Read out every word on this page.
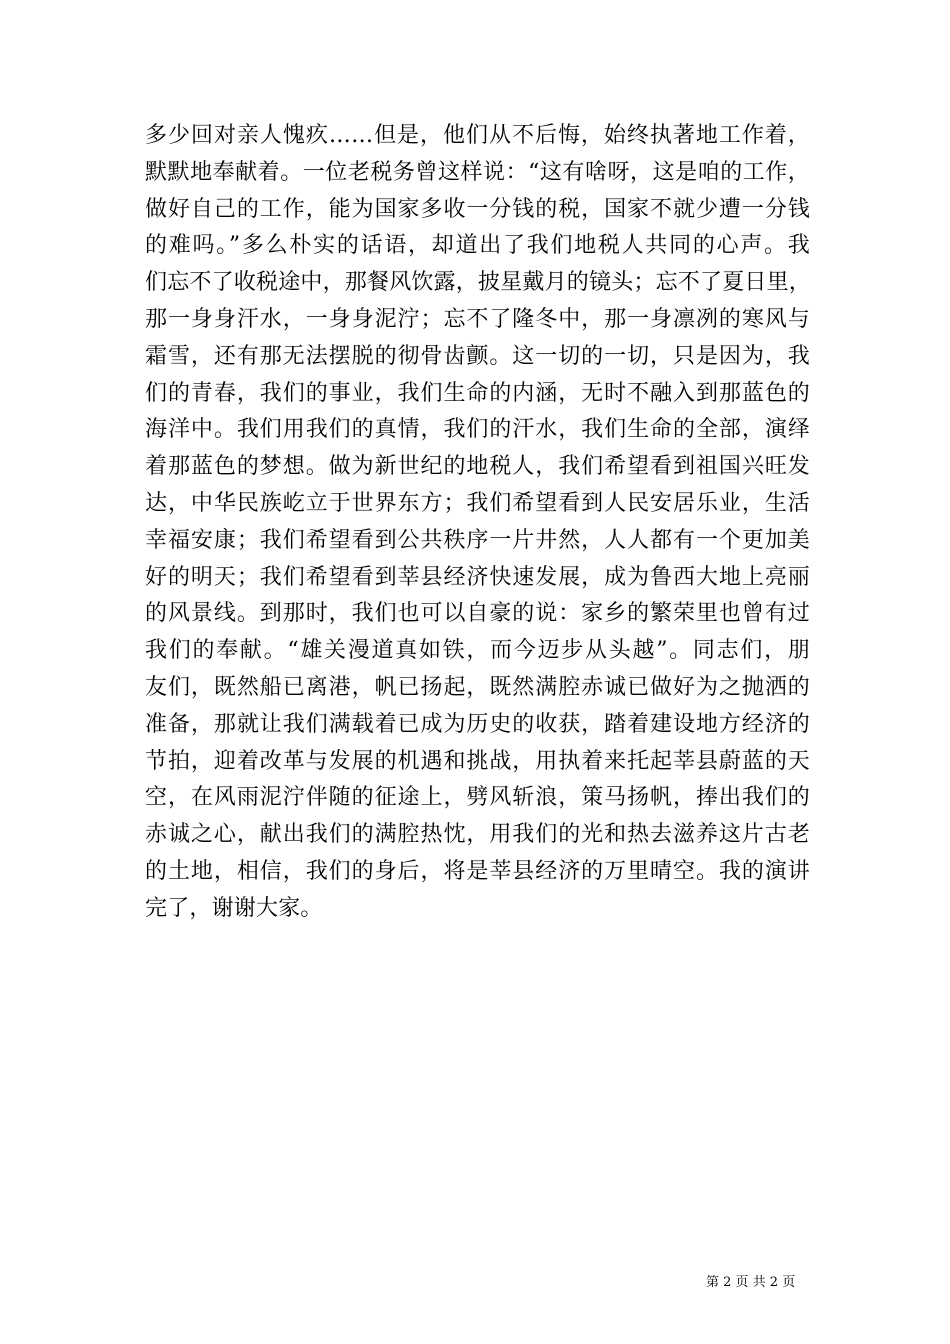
多少回对亲人愧疚……但是，他们从不后悔，始终执著地工作着，
默默地奉献着。一位老税务曾这样说：“这有啥呀，这是咱的工作，
做好自己的工作，能为国家多收一分钱的税，国家不就少遭一分钱
的难吗。”多么朴实的话语，却道出了我们地税人共同的心声。我
们忘不了收税途中，那餐风饮露，披星戴月的镜头；忘不了夏日里，
那一身身汗水，一身身泥泞；忘不了隆冬中，那一身凛冽的寒风与
霜雪，还有那无法摆脱的彻骨齿颤。这一切的一切，只是因为，我
们的青春，我们的事业，我们生命的内涵，无时不融入到那蓝色的
海洋中。我们用我们的真情，我们的汗水，我们生命的全部，演绎
着那蓝色的梦想。做为新世纪的地税人，我们希望看到祖国兴旺发
达，中华民族屹立于世界东方；我们希望看到人民安居乐业，生活
幸福安康；我们希望看到公共秩序一片井然，人人都有一个更加美
好的明天；我们希望看到莘县经济快速发展，成为鲁西大地上亮丽
的风景线。到那时，我们也可以自豪的说：家乡的繁荣里也曾有过
我们的奉献。“雄关漫道真如铁，而今迈步从头越”。同志们，朋
友们，既然船已离港，帆已扬起，既然满腔赤诚已做好为之抛洒的
准备，那就让我们满载着已成为历史的收获，踏着建设地方经济的
节拍，迎着改革与发展的机遇和挑战，用执着来托起莘县蔚蓝的天
空，在风雨泥泞伴随的征途上，劈风斩浪，策马扬帆，捧出我们的
赤诚之心，献出我们的满腔热忱，用我们的光和热去滋养这片古老
的土地，相信，我们的身后，将是莘县经济的万里晴空。我的演讲
完了，谢谢大家。
第 2 页 共 2 页
